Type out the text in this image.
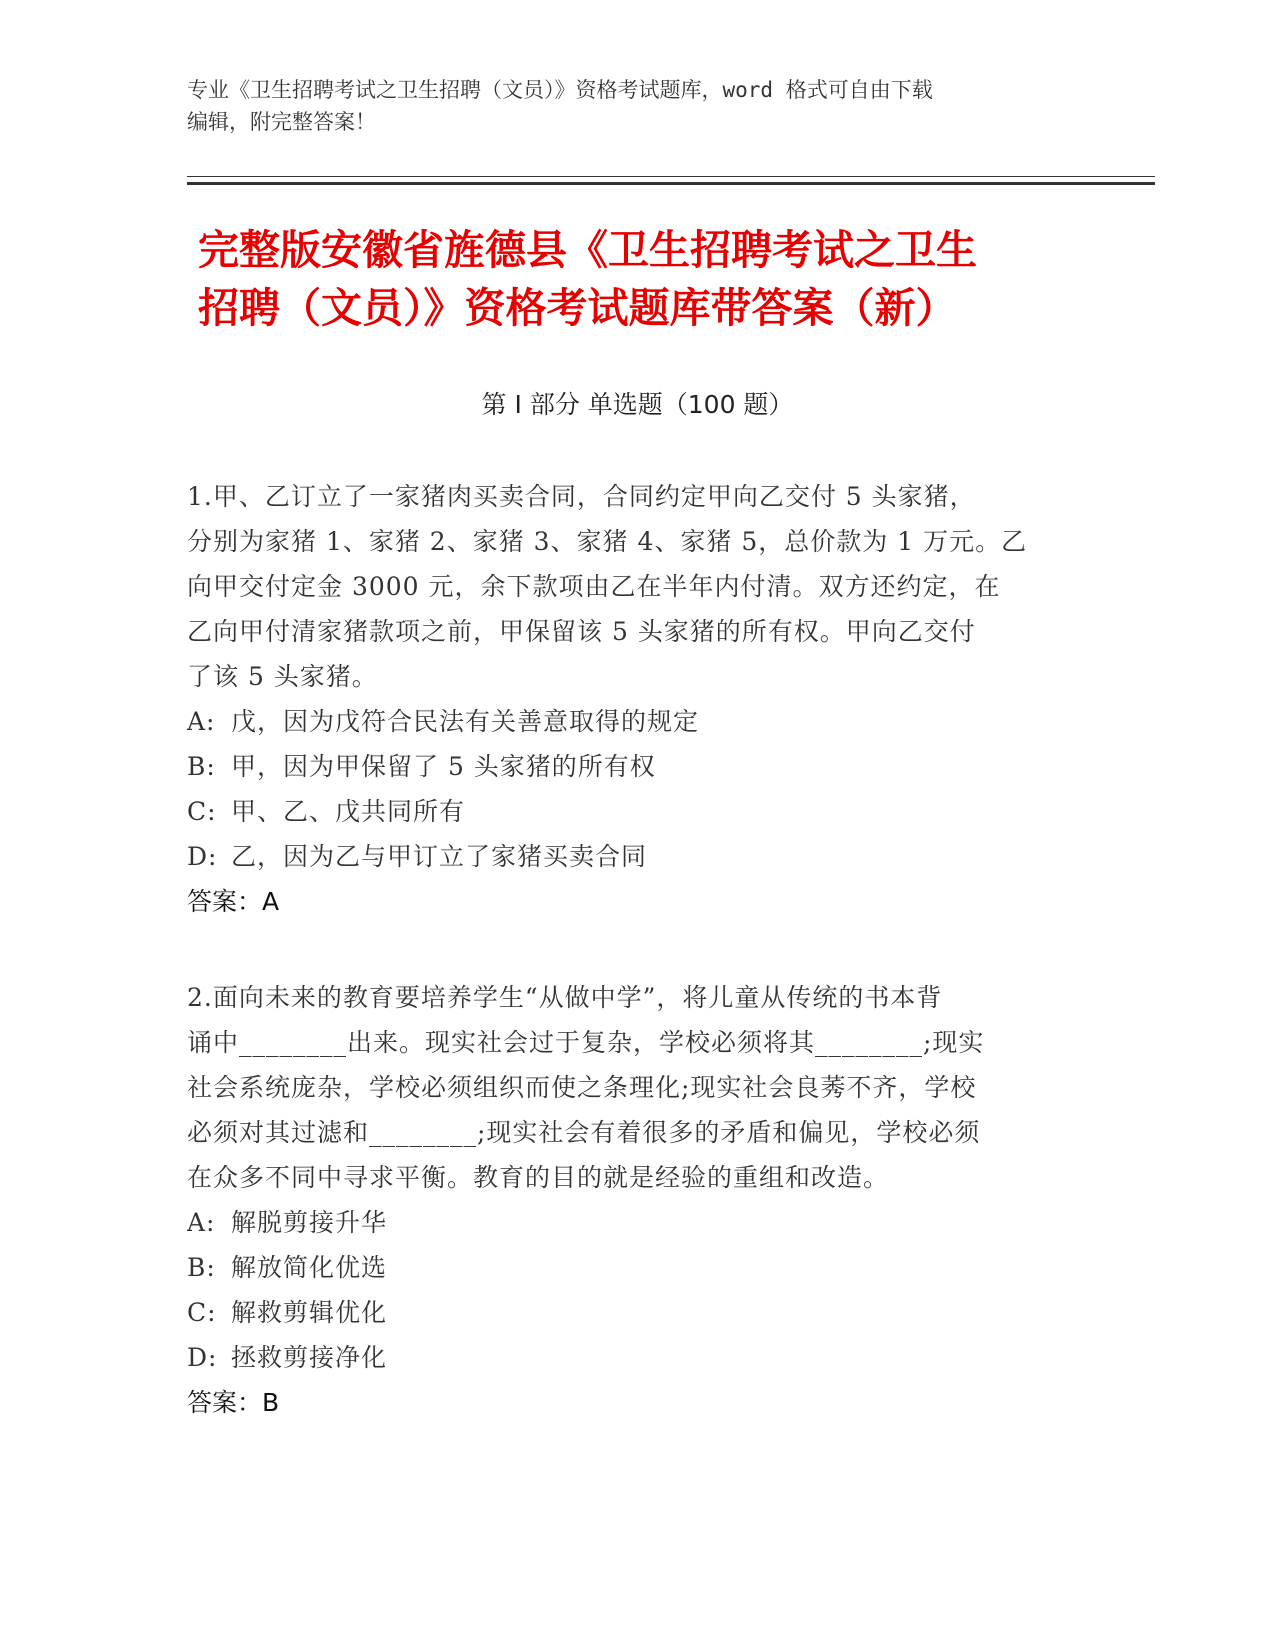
专业《卫生招聘考试之卫生招聘（文员）》资格考试题库，word 格式可自由下载
编辑，附完整答案！
完整版安徽省旌德县《卫生招聘考试之卫生
招聘（文员）》资格考试题库带答案（新）
第 I 部分 单选题（100 题）

1.甲、乙订立了一家猪肉买卖合同，合同约定甲向乙交付 5 头家猪，

分别为家猪 1、家猪 2、家猪 3、家猪 4、家猪 5，总价款为 1 万元。乙

向甲交付定金 3000 元，余下款项由乙在半年内付清。双方还约定，在

乙向甲付清家猪款项之前，甲保留该 5 头家猪的所有权。甲向乙交付

了该 5 头家猪。

A: 戊，因为戊符合民法有关善意取得的规定

B: 甲，因为甲保留了 5 头家猪的所有权

C: 甲、乙、戊共同所有

D: 乙，因为乙与甲订立了家猪买卖合同

答案：A

2.面向未来的教育要培养学生“从做中学”，将儿童从传统的书本背

诵中________出来。现实社会过于复杂，学校必须将其________;现实

社会系统庞杂，学校必须组织而使之条理化;现实社会良莠不齐，学校

必须对其过滤和________;现实社会有着很多的矛盾和偏见，学校必须

在众多不同中寻求平衡。教育的目的就是经验的重组和改造。

A: 解脱剪接升华

B: 解放简化优选

C: 解救剪辑优化

D: 拯救剪接净化

答案：B
